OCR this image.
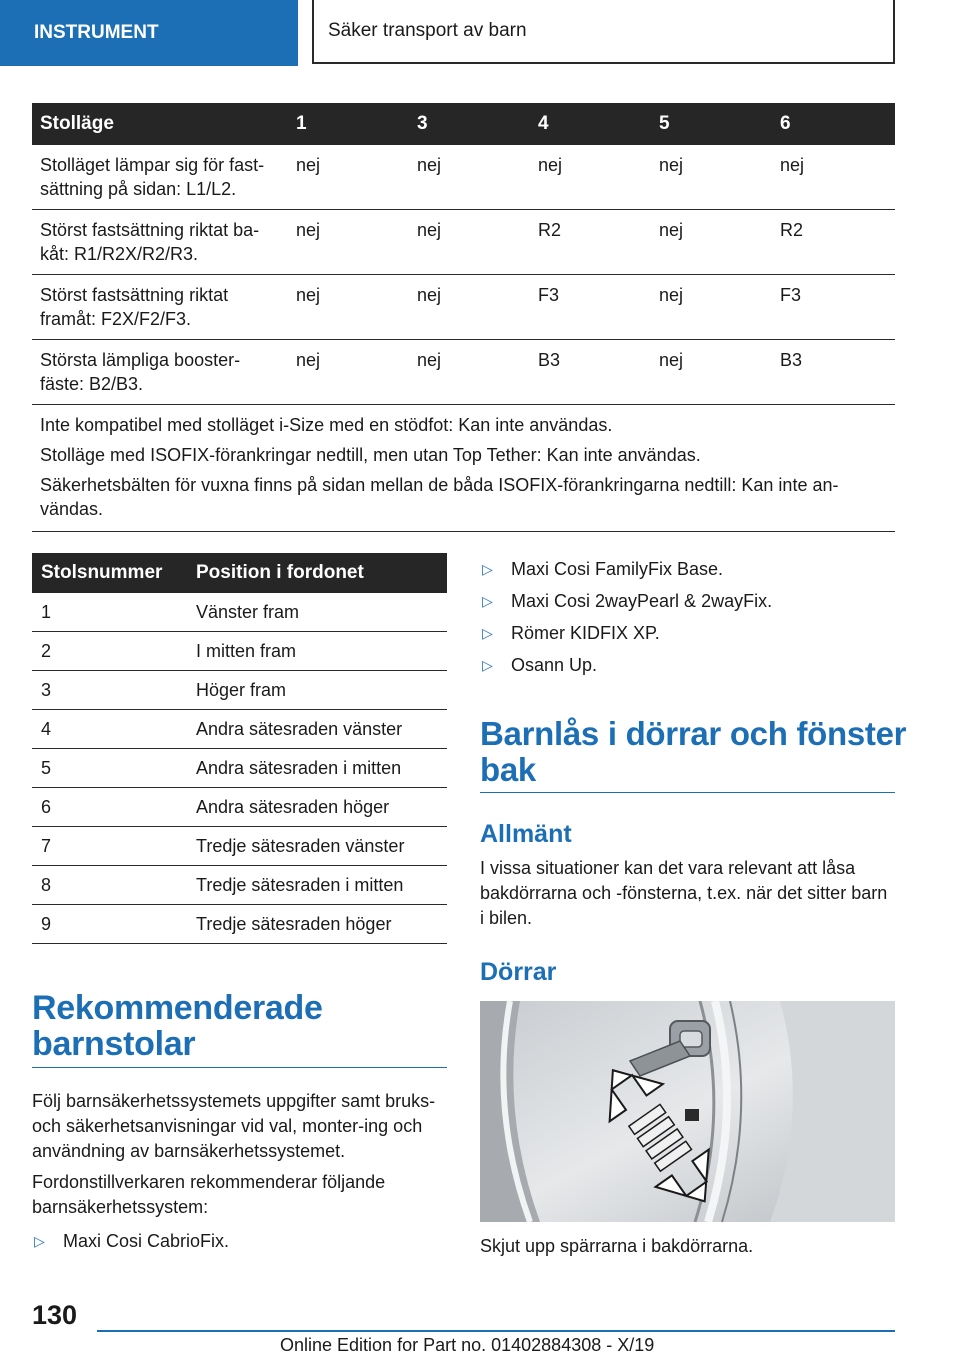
INSTRUMENT	Säker transport av barn
Stolläge	1	3	4	5	6
Stolläget lämpar sig för fast-sättning på sidan: L1/L2.	nej	nej	nej	nej	nej
Störst fastsättning riktat ba-kåt: R1/R2X/R2/R3.	nej	nej	R2	nej	R2
Störst fastsättning riktat framåt: F2X/F2/F3.	nej	nej	F3	nej	F3
Största lämpliga booster-fäste: B2/B3.	nej	nej	B3	nej	B3

Inte kompatibel med stolläget i-Size med en stödfot: Kan inte användas.

Stolläge med ISOFIX-förankringar nedtill, men utan Top Tether: Kan inte användas.

Säkerhetsbälten för vuxna finns på sidan mellan de båda ISOFIX-förankringarna nedtill: Kan inte an-vändas.					

Stolsnummer	Position i fordonet
1	Vänster fram
2	I mitten fram
3	Höger fram
4	Andra sätesraden vänster
5	Andra sätesraden i mitten
6	Andra sätesraden höger
7	Tredje sätesraden vänster
8	Tredje sätesraden i mitten
9	Tredje sätesraden höger
Rekommenderade
barnstolar

Följ barnsäkerhetssystemets uppgifter samt bruks- och säkerhetsanvisningar vid val, monter-ing och användning av barnsäkerhetssystemet.

Fordonstillverkaren rekommenderar följande barnsäkerhetssystem:

▷	Maxi Cosi CabrioFix.
▷	Maxi Cosi FamilyFix Base.
▷	Maxi Cosi 2wayPearl & 2wayFix.
▷	Römer KIDFIX XP.
▷	Osann Up.
Barnlås i dörrar och fönster
bak
Allmänt

I vissa situationer kan det vara relevant att låsa bakdörrarna och -fönsterna, t.ex. när det sitter barn i bilen.

Dörrar
Skjut upp spärrarna i bakdörrarna.
130
Online Edition for Part no. 01402884308 - X/19
